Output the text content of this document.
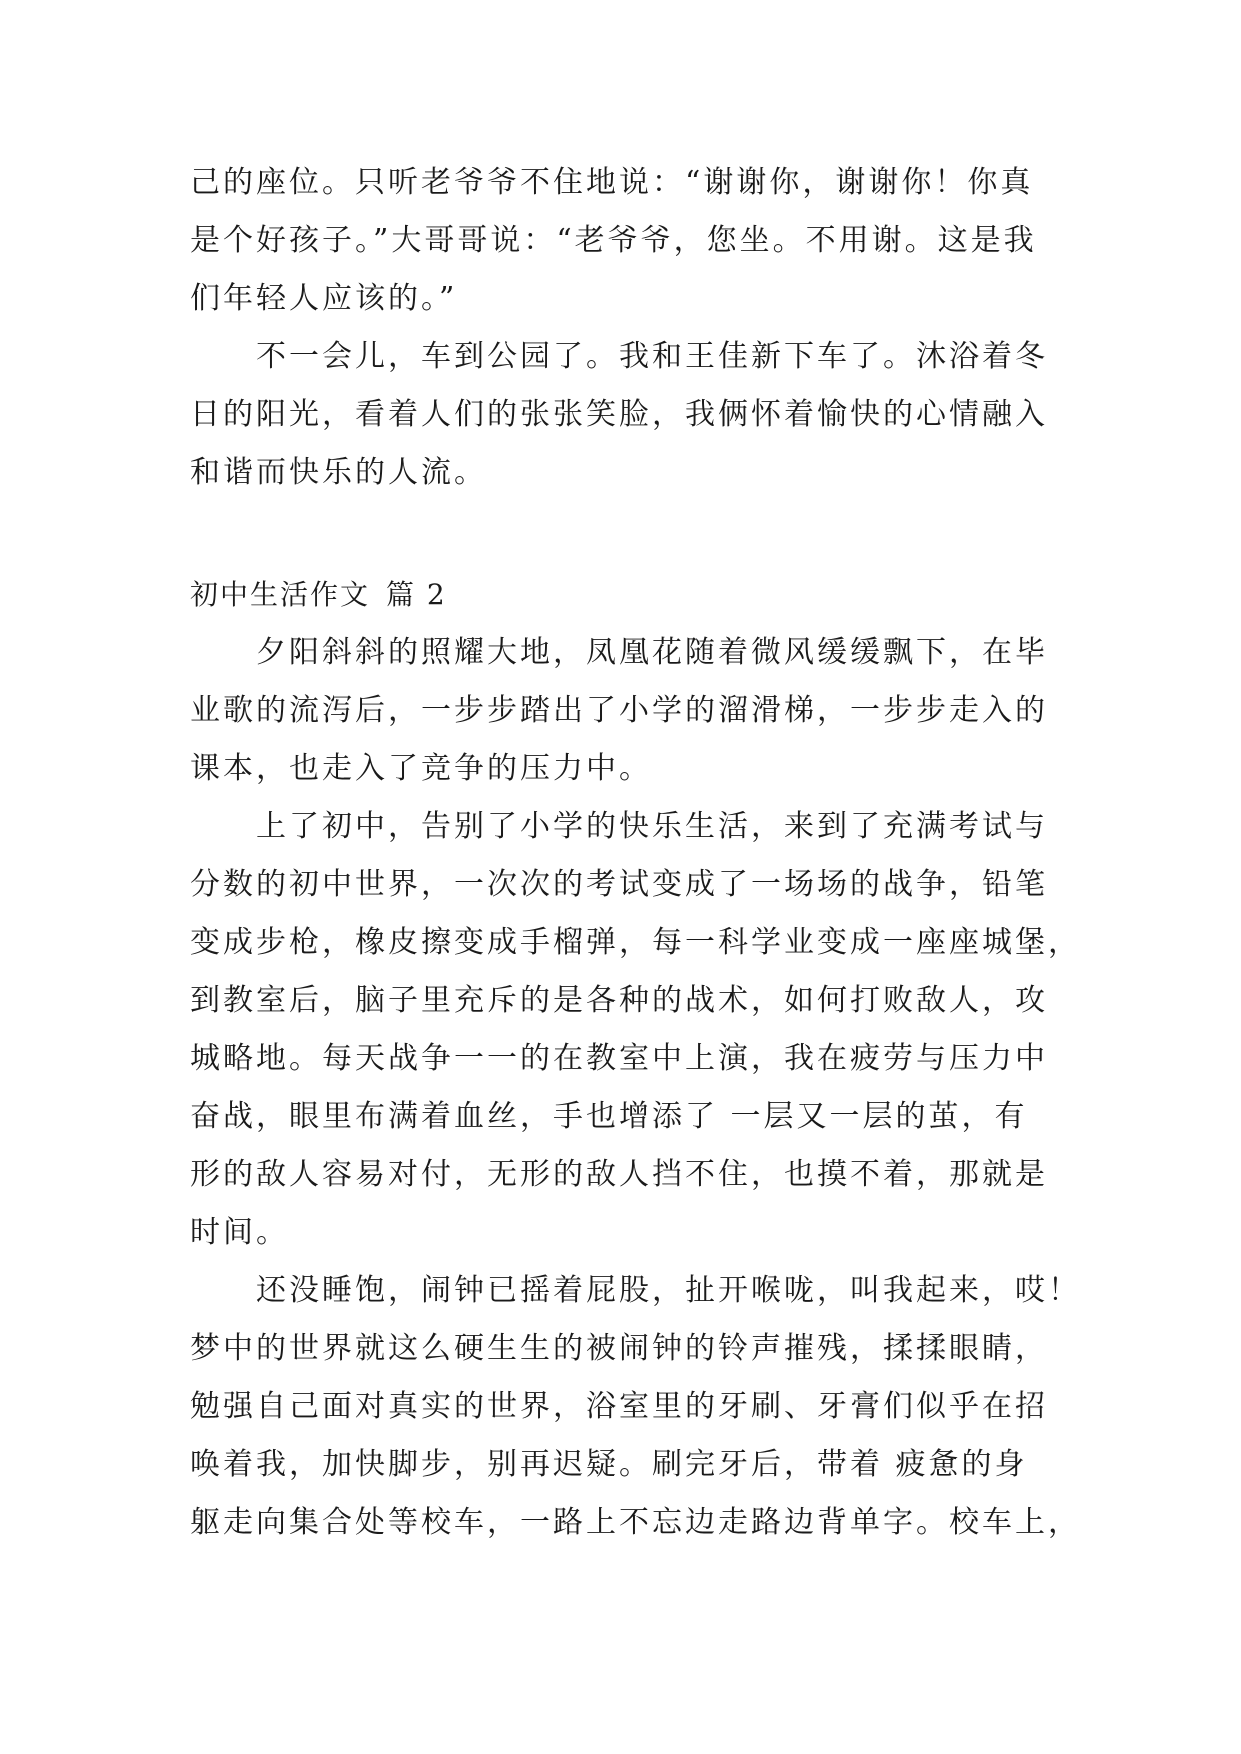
己的座位。只听老爷爷不住地说：“谢谢你，谢谢你！你真
是个好孩子。”大哥哥说：“老爷爷，您坐。不用谢。这是我
们年轻人应该的。”
不一会儿，车到公园了。我和王佳新下车了。沐浴着冬
日的阳光，看着人们的张张笑脸，我俩怀着愉快的心情融入
和谐而快乐的人流。
初中生活作文 篇 2
夕阳斜斜的照耀大地，凤凰花随着微风缓缓飘下，在毕
业歌的流泻后，一步步踏出了小学的溜滑梯，一步步走入的
课本，也走入了竞争的压力中。
上了初中，告别了小学的快乐生活，来到了充满考试与
分数的初中世界，一次次的考试变成了一场场的战争，铅笔
变成步枪，橡皮擦变成手榴弹，每一科学业变成一座座城堡，
到教室后，脑子里充斥的是各种的战术，如何打败敌人，攻
城略地。每天战争一一的在教室中上演，我在疲劳与压力中
奋战，眼里布满着血丝，手也增添了 一层又一层的茧，有
形的敌人容易对付，无形的敌人挡不住，也摸不着，那就是
时间。
还没睡饱，闹钟已摇着屁股，扯开喉咙，叫我起来，哎！
梦中的世界就这么硬生生的被闹钟的铃声摧残，揉揉眼睛，
勉强自己面对真实的世界，浴室里的牙刷、牙膏们似乎在招
唤着我，加快脚步，别再迟疑。刷完牙后，带着 疲惫的身
躯走向集合处等校车，一路上不忘边走路边背单字。校车上，
